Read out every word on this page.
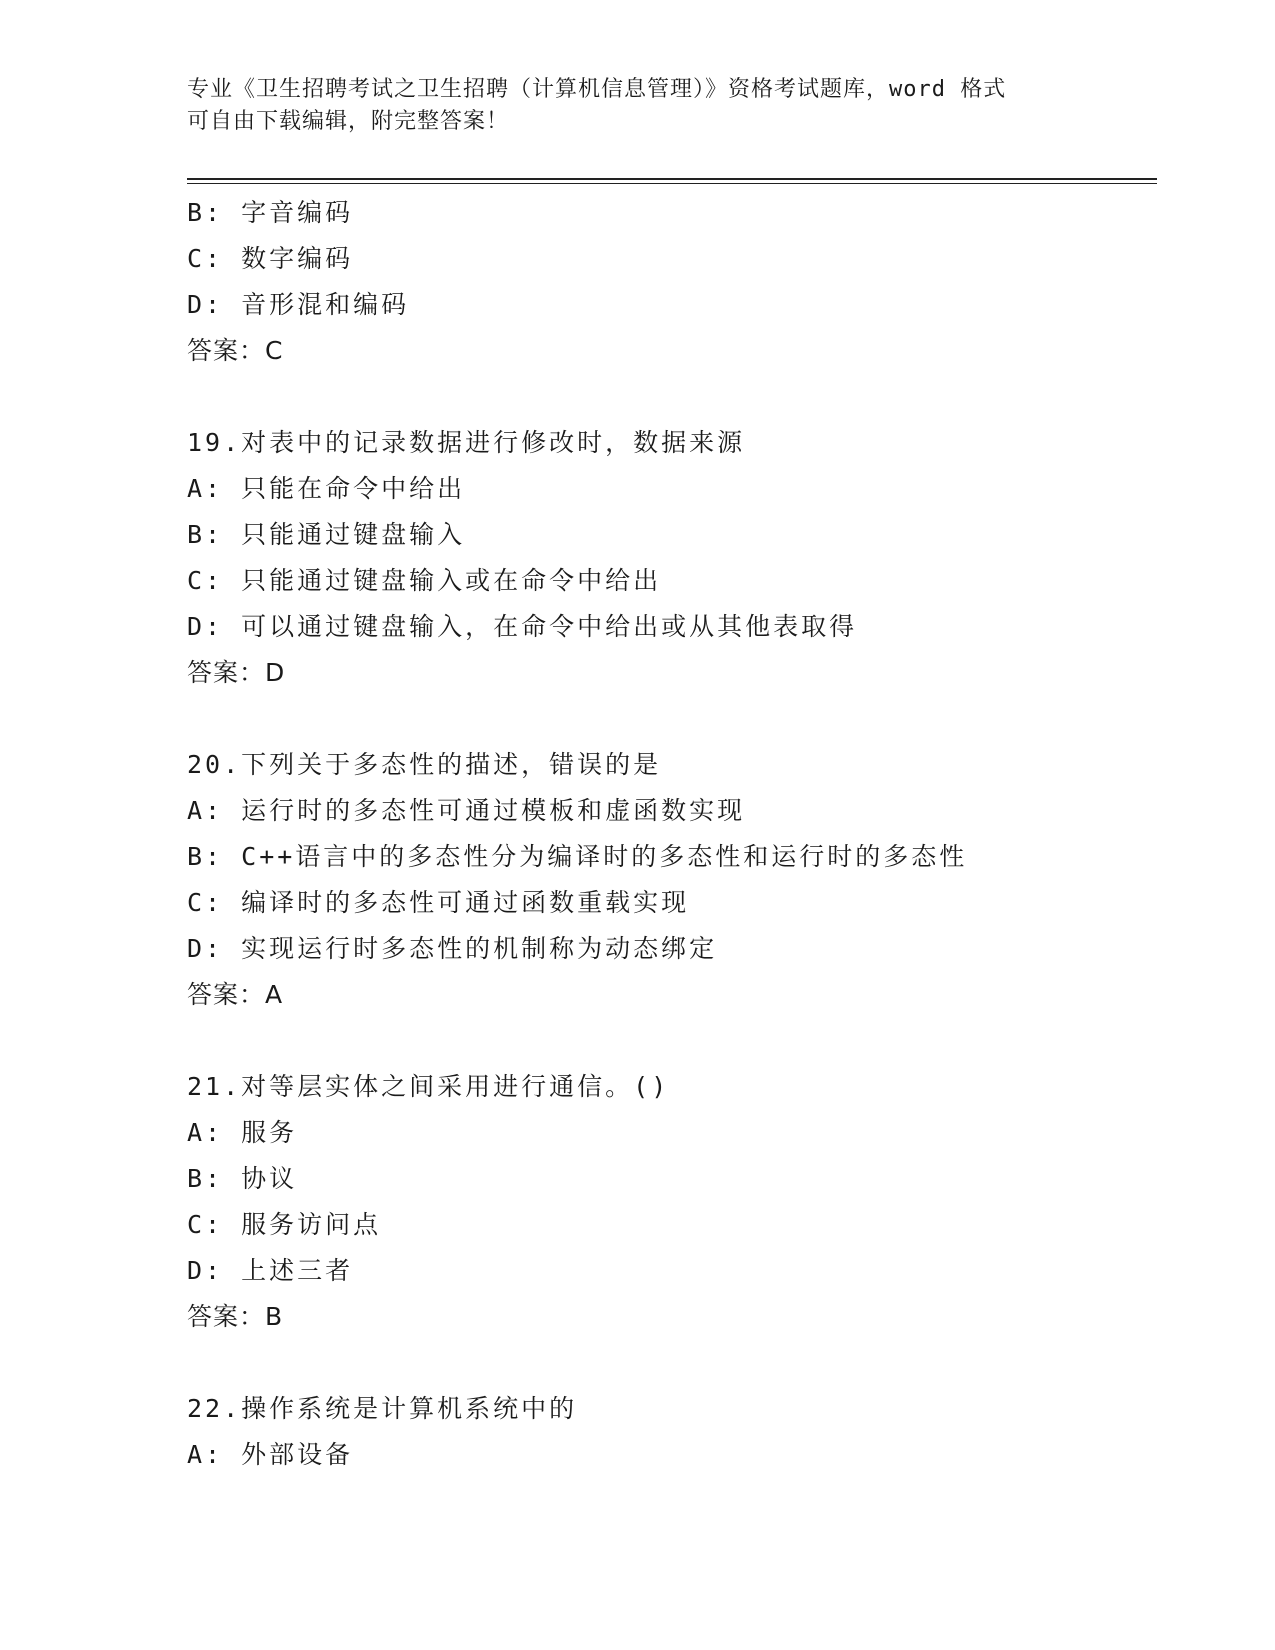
专业《卫生招聘考试之卫生招聘（计算机信息管理）》资格考试题库，word 格式
可自由下载编辑，附完整答案！
B: 字音编码
C: 数字编码
D: 音形混和编码
答案：C
19.对表中的记录数据进行修改时，数据来源
A: 只能在命令中给出
B: 只能通过键盘输入
C: 只能通过键盘输入或在命令中给出
D: 可以通过键盘输入，在命令中给出或从其他表取得
答案：D
20.下列关于多态性的描述，错误的是
A: 运行时的多态性可通过模板和虚函数实现
B: C++语言中的多态性分为编译时的多态性和运行时的多态性
C: 编译时的多态性可通过函数重载实现
D: 实现运行时多态性的机制称为动态绑定
答案：A
21.对等层实体之间采用进行通信。()
A: 服务
B: 协议
C: 服务访问点
D: 上述三者
答案：B
22.操作系统是计算机系统中的
A: 外部设备
